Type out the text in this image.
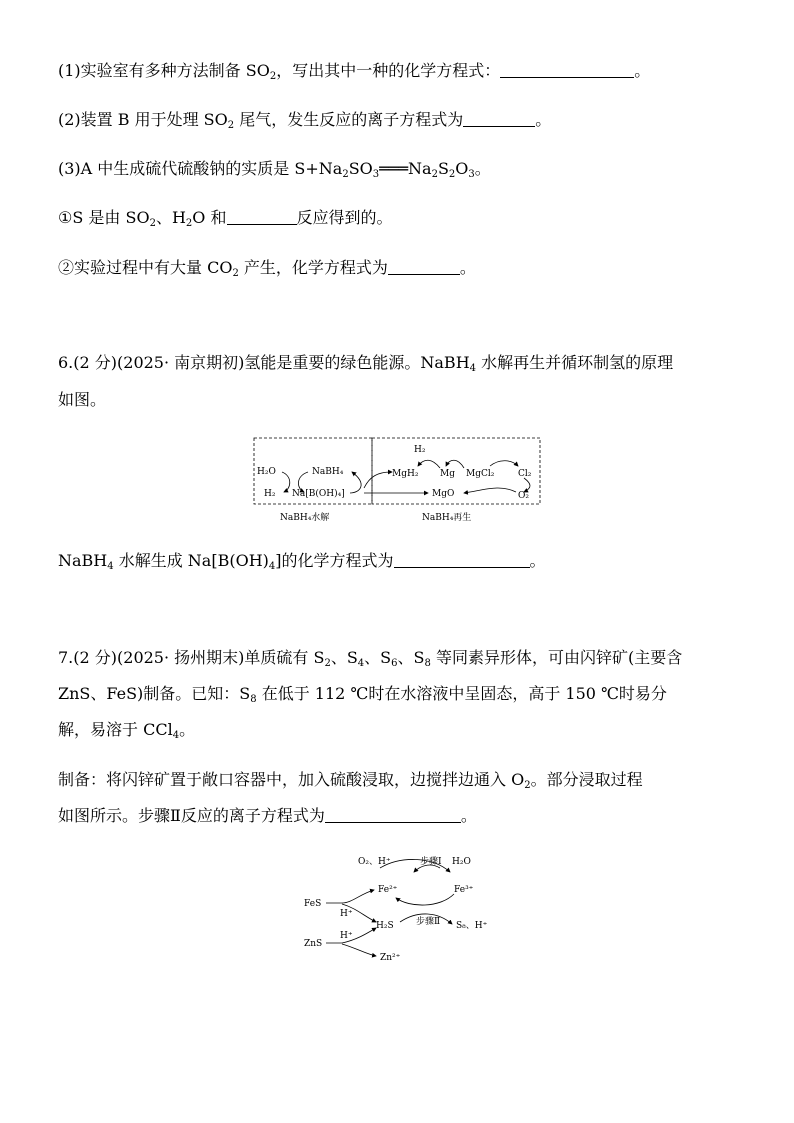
(1)实验室有多种方法制备 $SO_2$，写出其中一种的化学方程式：	。
(2)装置 B 用于处理 $SO_2$ 尾气，发生反应的离子方程式为	。
(3)A 中生成硫代硫酸钠的实质是 $S+Na_2SO_3═══Na_2S_2O_3$。
①S 是由 $SO_2$、$H_2O$ 和	反应得到的。
②实验过程中有大量 $CO_2$ 产生，化学方程式为	。
6.(2 分)(2025· 南京期初)氢能是重要的绿色能源。NaBH$_4$ 水解再生并循环制氢的原理
如图。
H₂O
H₂
NaBH₄
Na[B(OH)₄]
H₂
MgH₂ Mg MgCl₂	Cl₂
MgO	O₂
NaBH₄水解	NaBH₄再生
NaBH$_4$ 水解生成 $Na[B(OH)_4]$的化学方程式为	。
7.(2 分)(2025· 扬州期末)单质硫有 $S_2$、$S_4$、$S_6$、$S_8$ 等同素异形体，可由闪锌矿(主要含
ZnS、FeS)制备。已知：$S_8$ 在低于 112 ℃时在水溶液中呈固态，高于 150 ℃时易分
解，易溶于 CCl$_4$。
制备：将闪锌矿置于敞口容器中，加入硫酸浸取，边搅拌边通入 $O_2$。部分浸取过程
如图所示。步骤Ⅱ反应的离子方程式为	。
O₂、H⁺	步骤Ⅰ H₂O
FeS
Fe²⁺	Fe³⁺
H⁺
H₂S 步骤Ⅱ S₈、H⁺
ZnS
H⁺
Zn²⁺
